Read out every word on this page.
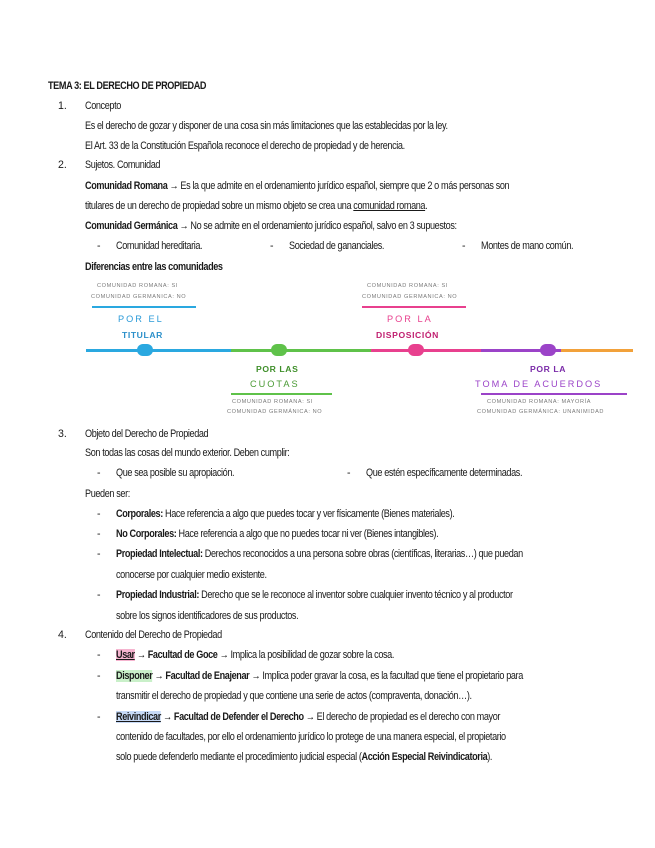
TEMA 3: EL DERECHO DE PROPIEDAD
1. Concepto
Es el derecho de gozar y disponer de una cosa sin más limitaciones que las establecidas por la ley.
El Art. 33 de la Constitución Española reconoce el derecho de propiedad y de herencia.
2. Sujetos. Comunidad
Comunidad Romana → Es la que admite en el ordenamiento jurídico español, siempre que 2 o más personas son
titulares de un derecho de propiedad sobre un mismo objeto se crea una comunidad romana.
Comunidad Germánica → No se admite en el ordenamiento jurídico español, salvo en 3 supuestos:
- Comunidad hereditaria.	- Sociedad de gananciales.	- Montes de mano común.
Diferencias entre las comunidades
COMUNIDAD ROMANA: SI
COMUNIDAD GERMANICA: NO
POR EL
TITULAR
COMUNIDAD ROMANA: SI
COMUNIDAD GERMANICA: NO
POR LA
DISPOSICIÓN
POR LAS
CUOTAS
COMUNIDAD ROMANA: SI
COMUNIDAD GERMÁNICA: NO
POR LA
TOMA DE ACUERDOS
COMUNIDAD ROMANA: MAYORÍA
COMUNIDAD GERMÁNICA: UNANIMIDAD
3. Objeto del Derecho de Propiedad
Son todas las cosas del mundo exterior. Deben cumplir:
- Que sea posible su apropiación.	- Que estén específicamente determinadas.
Pueden ser:
- Corporales: Hace referencia a algo que puedes tocar y ver físicamente (Bienes materiales).
- No Corporales: Hace referencia a algo que no puedes tocar ni ver (Bienes intangibles).
- Propiedad Intelectual: Derechos reconocidos a una persona sobre obras (científicas, literarias…) que puedan
conocerse por cualquier medio existente.
- Propiedad Industrial: Derecho que se le reconoce al inventor sobre cualquier invento técnico y al productor
sobre los signos identificadores de sus productos.
4. Contenido del Derecho de Propiedad
- Usar → Facultad de Goce → Implica la posibilidad de gozar sobre la cosa.
- Disponer → Facultad de Enajenar → Implica poder gravar la cosa, es la facultad que tiene el propietario para
transmitir el derecho de propiedad y que contiene una serie de actos (compraventa, donación…).
- Reivindicar → Facultad de Defender el Derecho → El derecho de propiedad es el derecho con mayor
contenido de facultades, por ello el ordenamiento jurídico lo protege de una manera especial, el propietario
solo puede defenderlo mediante el procedimiento judicial especial (Acción Especial Reivindicatoria).
